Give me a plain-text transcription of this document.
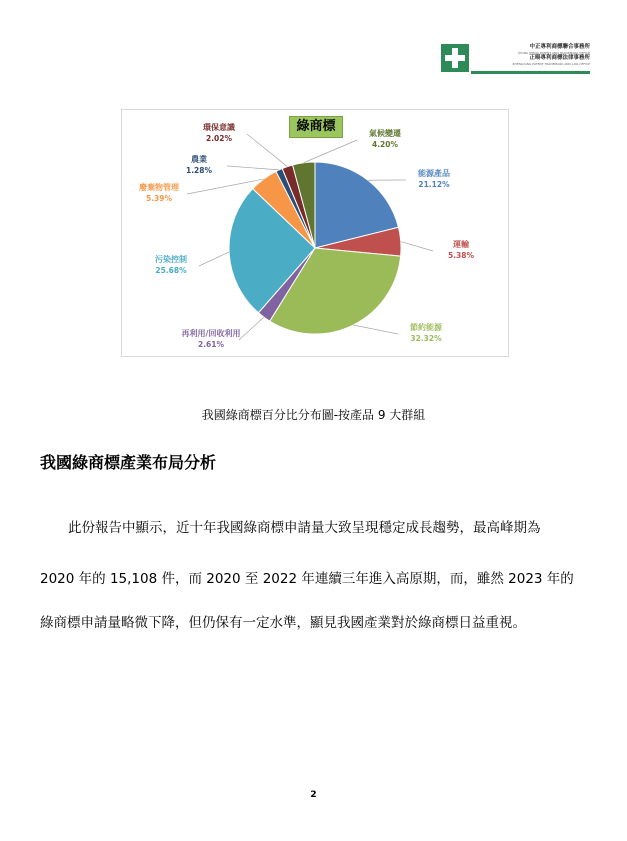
中正專利商標聯合事務所
JHONG JHENG PATENT AND TRADEMARK OFFICE
正暘專利商標法律事務所
ZHENGYANG PATENT TRADEMARK AND LAW OFFICE
能源產品
21.12%
運輸
5.38%
節約能源
32.32%
再利用/回收利用
2.61%
污染控制
25.68%
廢棄物管理
5.39%
農業
1.28%
環保意識
2.02%
氣候變遷
4.20%
綠商標
我國綠商標百分比分布圖-按產品 9 大群組
我國綠商標產業布局分析
此份報告中顯示，近十年我國綠商標申請量大致呈現穩定成長趨勢，最高峰期為
2020 年的 15,108 件，而 2020 至 2022 年連續三年進入高原期，而，雖然 2023 年的
綠商標申請量略微下降，但仍保有一定水準，顯見我國產業對於綠商標日益重視。
2
